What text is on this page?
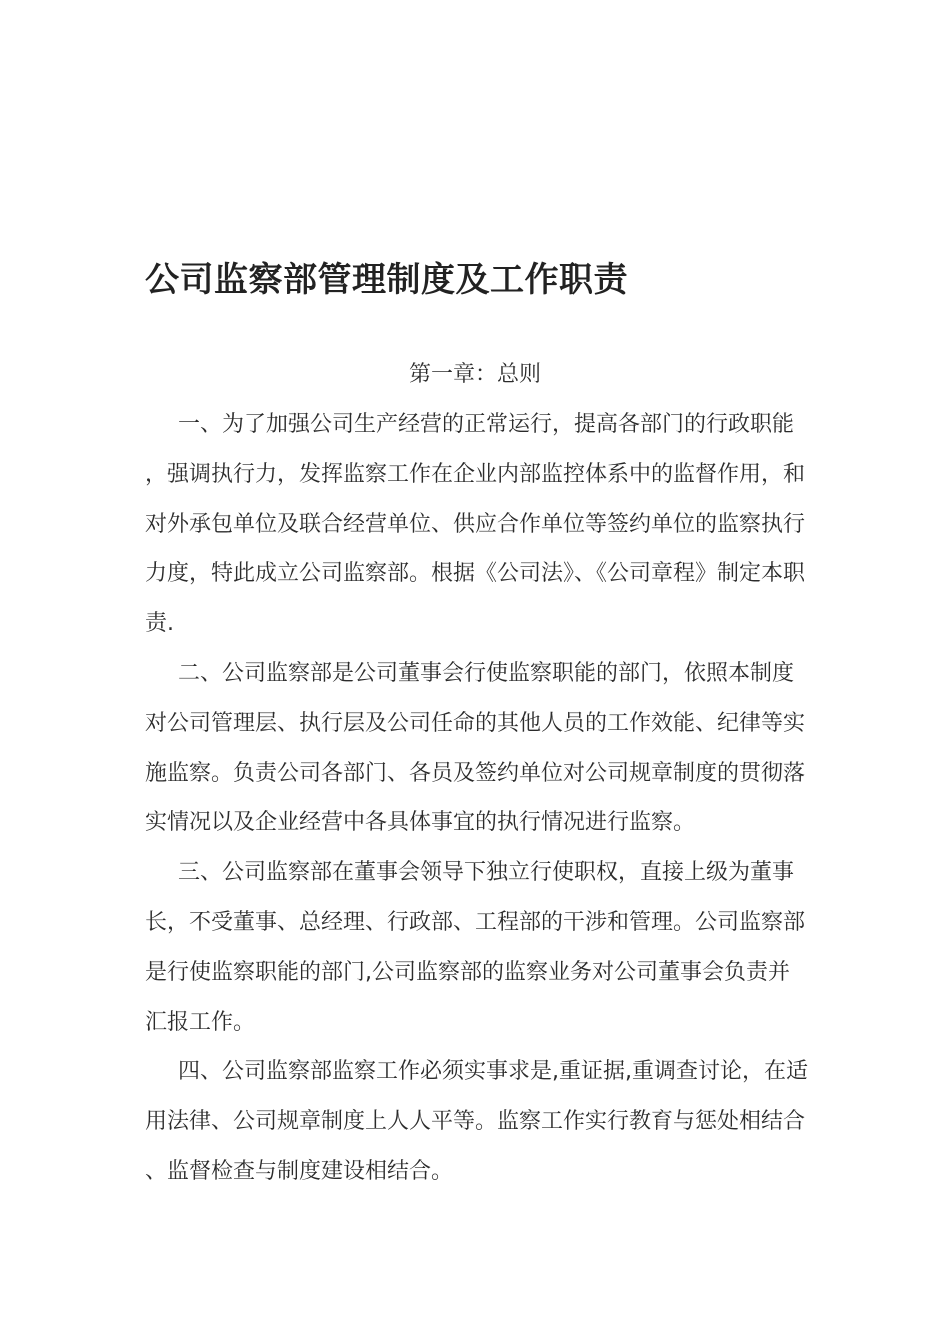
公司监察部管理制度及工作职责
第一章：总则

一、为了加强公司生产经营的正常运行，提高各部门的行政职能，强调执行力，发挥监察工作在企业内部监控体系中的监督作用，和对外承包单位及联合经营单位、供应合作单位等签约单位的监察执行力度，特此成立公司监察部。根据《公司法》、《公司章程》制定本职责.

二、公司监察部是公司董事会行使监察职能的部门，依照本制度对公司管理层、执行层及公司任命的其他人员的工作效能、纪律等实施监察。负责公司各部门、各员及签约单位对公司规章制度的贯彻落实情况以及企业经营中各具体事宜的执行情况进行监察。

三、公司监察部在董事会领导下独立行使职权，直接上级为董事长，不受董事、总经理、行政部、工程部的干涉和管理。公司监察部是行使监察职能的部门,公司监察部的监察业务对公司董事会负责并汇报工作。

四、公司监察部监察工作必须实事求是,重证据,重调查讨论，在适用法律、公司规章制度上人人平等。监察工作实行教育与惩处相结合、监督检查与制度建设相结合。
